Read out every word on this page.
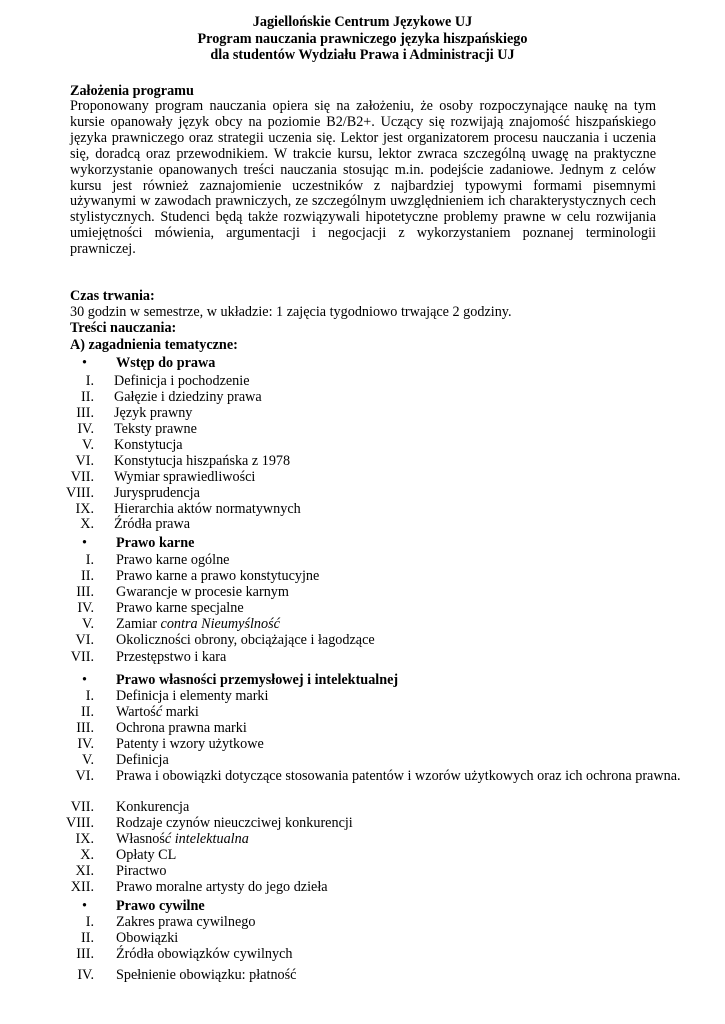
Jagiellońskie Centrum Językowe UJ
Program nauczania prawniczego języka hiszpańskiego
dla studentów Wydziału Prawa i Administracji UJ
Założenia programu

Proponowany program nauczania opiera się na założeniu, że osoby rozpoczynające naukę na tym kursie opanowały język obcy na poziomie B2/B2+. Uczący się rozwijają znajomość hiszpańskiego języka prawniczego oraz strategii uczenia się. Lektor jest organizatorem procesu nauczania i uczenia się, doradcą oraz przewodnikiem. W trakcie kursu, lektor zwraca szczególną uwagę na praktyczne wykorzystanie opanowanych treści nauczania stosując m.in. podejście zadaniowe. Jednym z celów kursu jest również zaznajomienie uczestników z najbardziej typowymi formami pisemnymi używanymi w zawodach prawniczych, ze szczególnym uwzględnieniem ich charakterystycznych cech stylistycznych. Studenci będą także rozwiązywali hipotetyczne problemy prawne w celu rozwijania umiejętności mówienia, argumentacji i negocjacji z wykorzystaniem poznanej terminologii prawniczej.

Czas trwania:
30 godzin w semestrze, w układzie: 1 zajęcia tygodniowo trwające 2 godziny.
Treści nauczania:
A) zagadnienia tematyczne:
• Wstęp do prawa
I. Definicja i pochodzenie
II. Gałęzie i dziedziny prawa
III. Język prawny
IV. Teksty prawne
V. Konstytucja
VI. Konstytucja hiszpańska z 1978
VII. Wymiar sprawiedliwości
VIII. Jurysprudencja
IX. Hierarchia aktów normatywnych
X. Źródła prawa
• Prawo karne
I. Prawo karne ogólne
II. Prawo karne a prawo konstytucyjne
III. Gwarancje w procesie karnym
IV. Prawo karne specjalne
V. Zamiar contra Nieumyślność
VI. Okoliczności obrony, obciążające i łagodzące
VII. Przestępstwo i kara
• Prawo własności przemysłowej i intelektualnej
I. Definicja i elementy marki
II. Wartość marki
III. Ochrona prawna marki
IV. Patenty i wzory użytkowe
V. Definicja
VI. Prawa i obowiązki dotyczące stosowania patentów i wzorów użytkowych oraz ich ochrona prawna.
VII. Konkurencja
VIII. Rodzaje czynów nieuczciwej konkurencji
IX. Własność intelektualna
X. Opłaty CL
XI. Piractwo
XII. Prawo moralne artysty do jego dzieła
• Prawo cywilne
I. Zakres prawa cywilnego
II. Obowiązki
III. Źródła obowiązków cywilnych
IV. Spełnienie obowiązku: płatność
